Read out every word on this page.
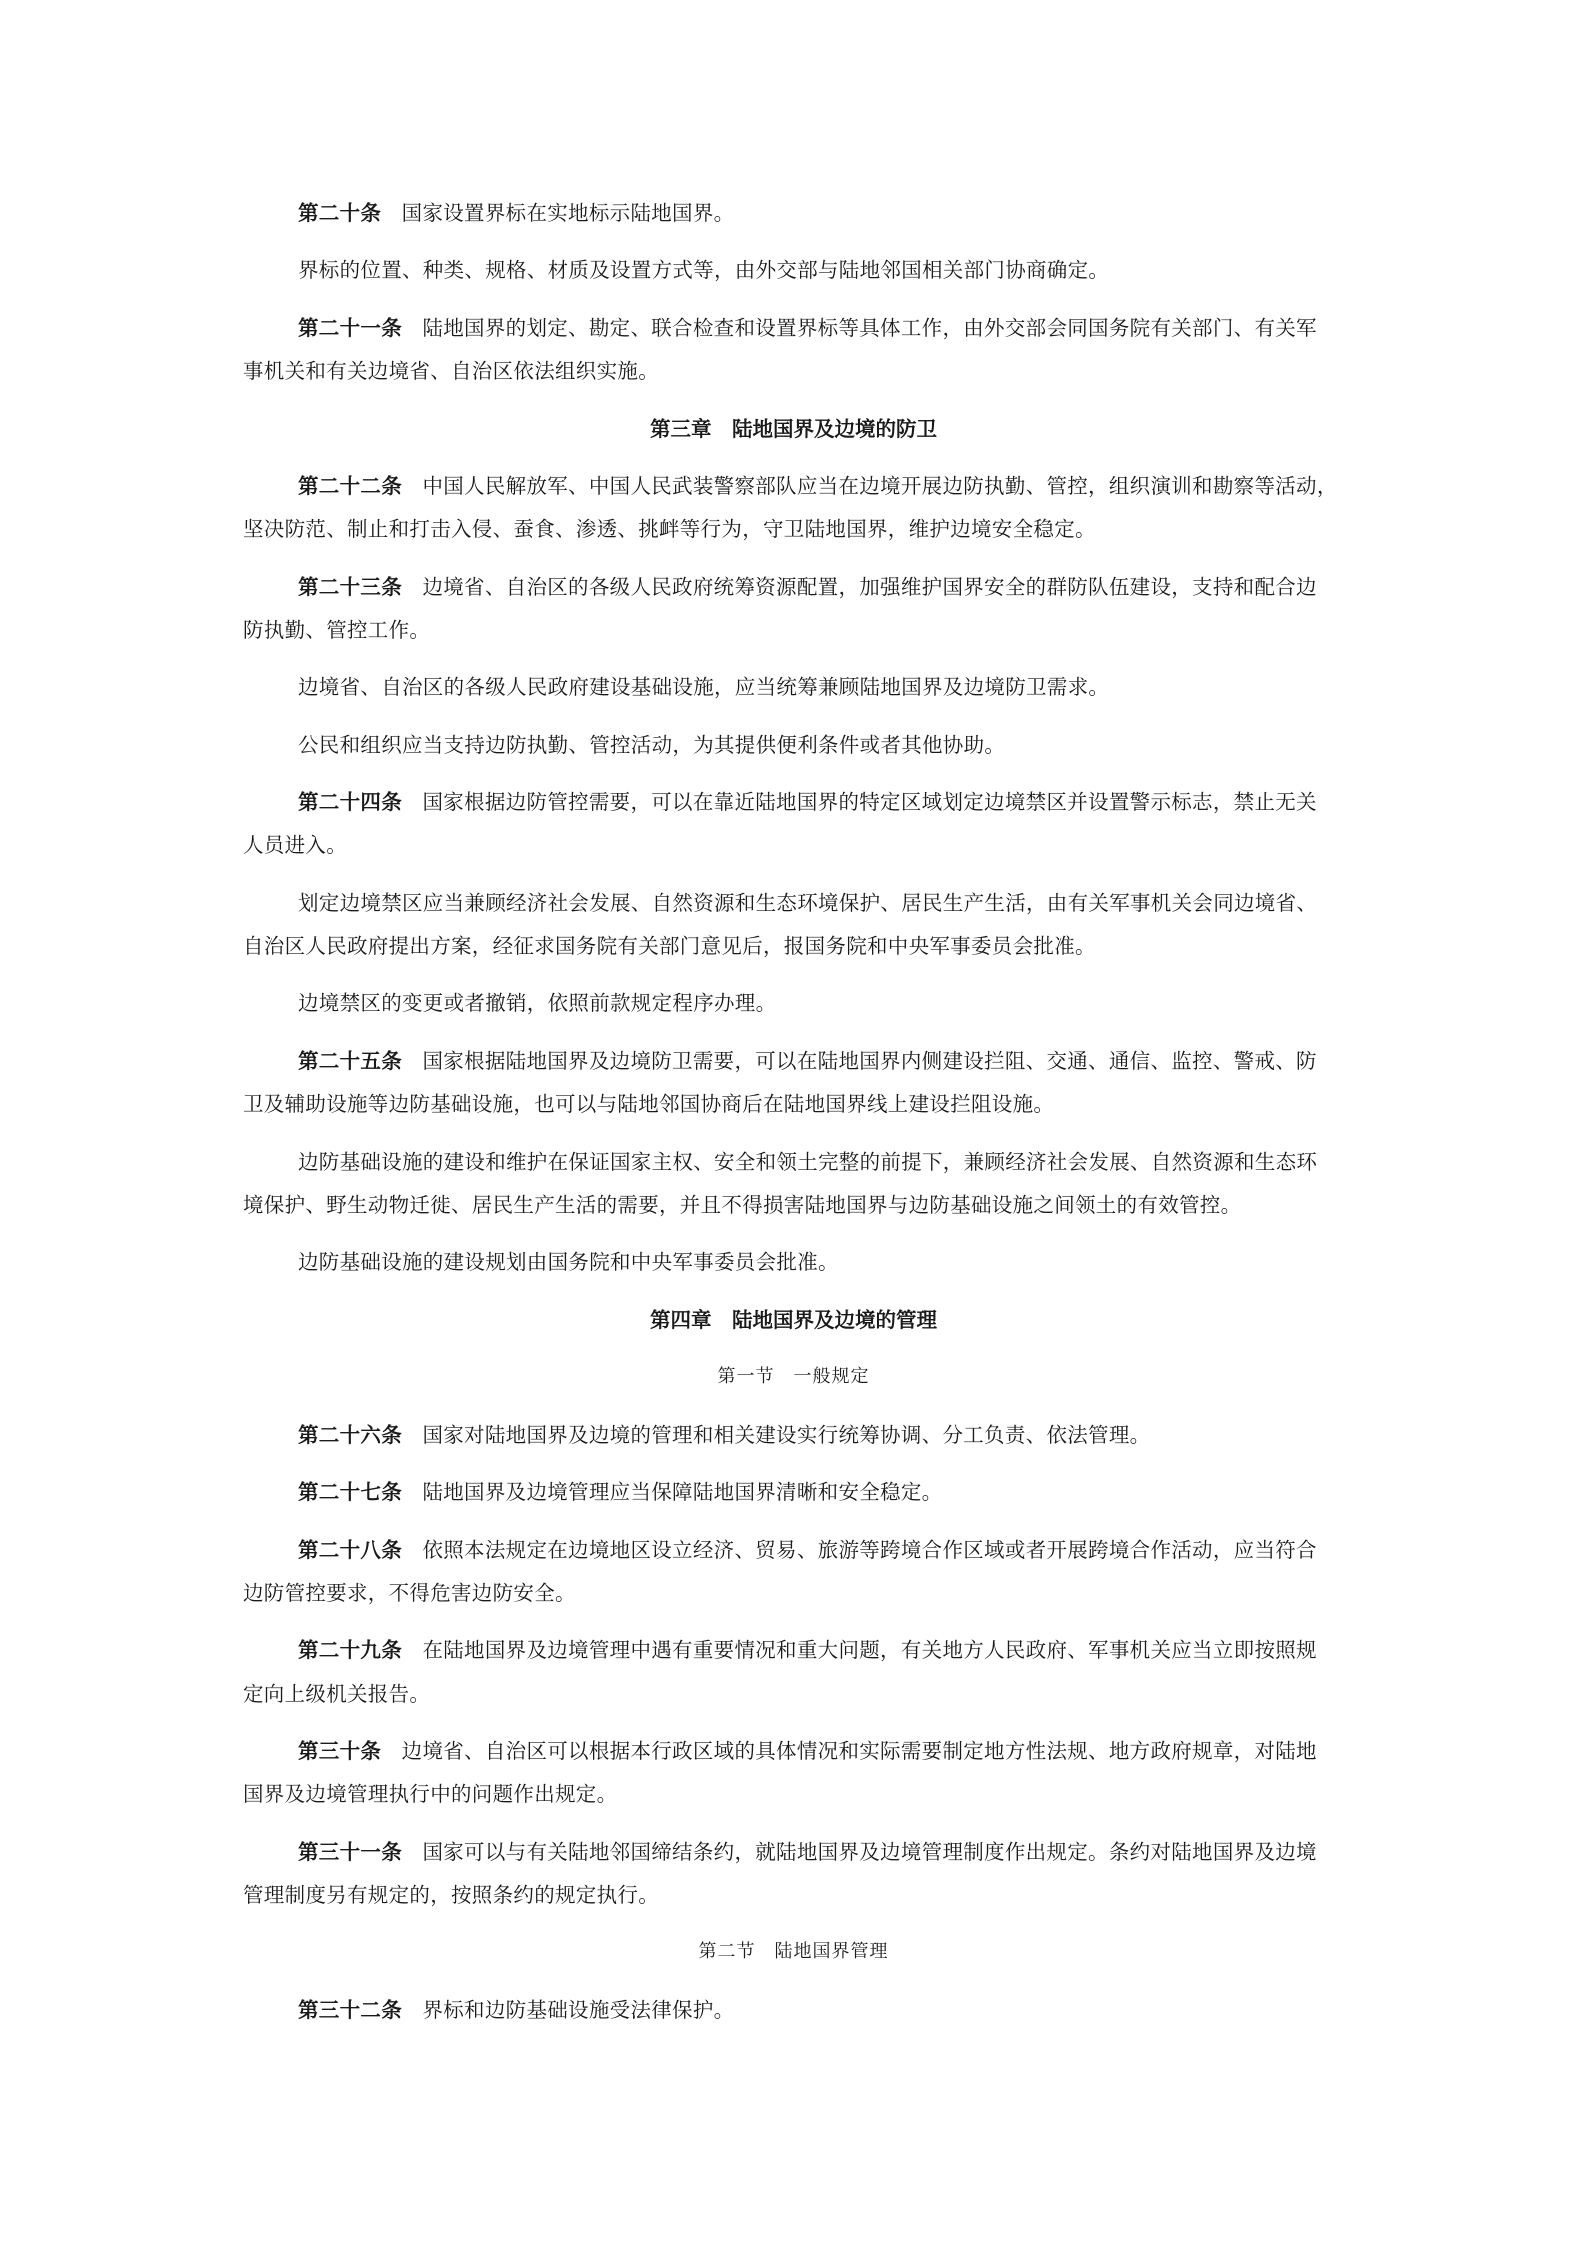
第二十条 国家设置界标在实地标示陆地国界。
界标的位置、种类、规格、材质及设置方式等，由外交部与陆地邻国相关部门协商确定。
第二十一条 陆地国界的划定、勘定、联合检查和设置界标等具体工作，由外交部会同国务院有关部门、有关军
事机关和有关边境省、自治区依法组织实施。
第三章　陆地国界及边境的防卫
第二十二条 中国人民解放军、中国人民武装警察部队应当在边境开展边防执勤、管控，组织演训和勘察等活动，
坚决防范、制止和打击入侵、蚕食、渗透、挑衅等行为，守卫陆地国界，维护边境安全稳定。
第二十三条 边境省、自治区的各级人民政府统筹资源配置，加强维护国界安全的群防队伍建设，支持和配合边
防执勤、管控工作。
边境省、自治区的各级人民政府建设基础设施，应当统筹兼顾陆地国界及边境防卫需求。
公民和组织应当支持边防执勤、管控活动，为其提供便利条件或者其他协助。
第二十四条 国家根据边防管控需要，可以在靠近陆地国界的特定区域划定边境禁区并设置警示标志，禁止无关
人员进入。
划定边境禁区应当兼顾经济社会发展、自然资源和生态环境保护、居民生产生活，由有关军事机关会同边境省、
自治区人民政府提出方案，经征求国务院有关部门意见后，报国务院和中央军事委员会批准。
边境禁区的变更或者撤销，依照前款规定程序办理。
第二十五条 国家根据陆地国界及边境防卫需要，可以在陆地国界内侧建设拦阻、交通、通信、监控、警戒、防
卫及辅助设施等边防基础设施，也可以与陆地邻国协商后在陆地国界线上建设拦阻设施。
边防基础设施的建设和维护在保证国家主权、安全和领土完整的前提下，兼顾经济社会发展、自然资源和生态环
境保护、野生动物迁徙、居民生产生活的需要，并且不得损害陆地国界与边防基础设施之间领土的有效管控。
边防基础设施的建设规划由国务院和中央军事委员会批准。
第四章　陆地国界及边境的管理
第一节　一般规定
第二十六条 国家对陆地国界及边境的管理和相关建设实行统筹协调、分工负责、依法管理。
第二十七条 陆地国界及边境管理应当保障陆地国界清晰和安全稳定。
第二十八条 依照本法规定在边境地区设立经济、贸易、旅游等跨境合作区域或者开展跨境合作活动，应当符合
边防管控要求，不得危害边防安全。
第二十九条 在陆地国界及边境管理中遇有重要情况和重大问题，有关地方人民政府、军事机关应当立即按照规
定向上级机关报告。
第三十条 边境省、自治区可以根据本行政区域的具体情况和实际需要制定地方性法规、地方政府规章，对陆地
国界及边境管理执行中的问题作出规定。
第三十一条 国家可以与有关陆地邻国缔结条约，就陆地国界及边境管理制度作出规定。条约对陆地国界及边境
管理制度另有规定的，按照条约的规定执行。
第二节　陆地国界管理
第三十二条 界标和边防基础设施受法律保护。
